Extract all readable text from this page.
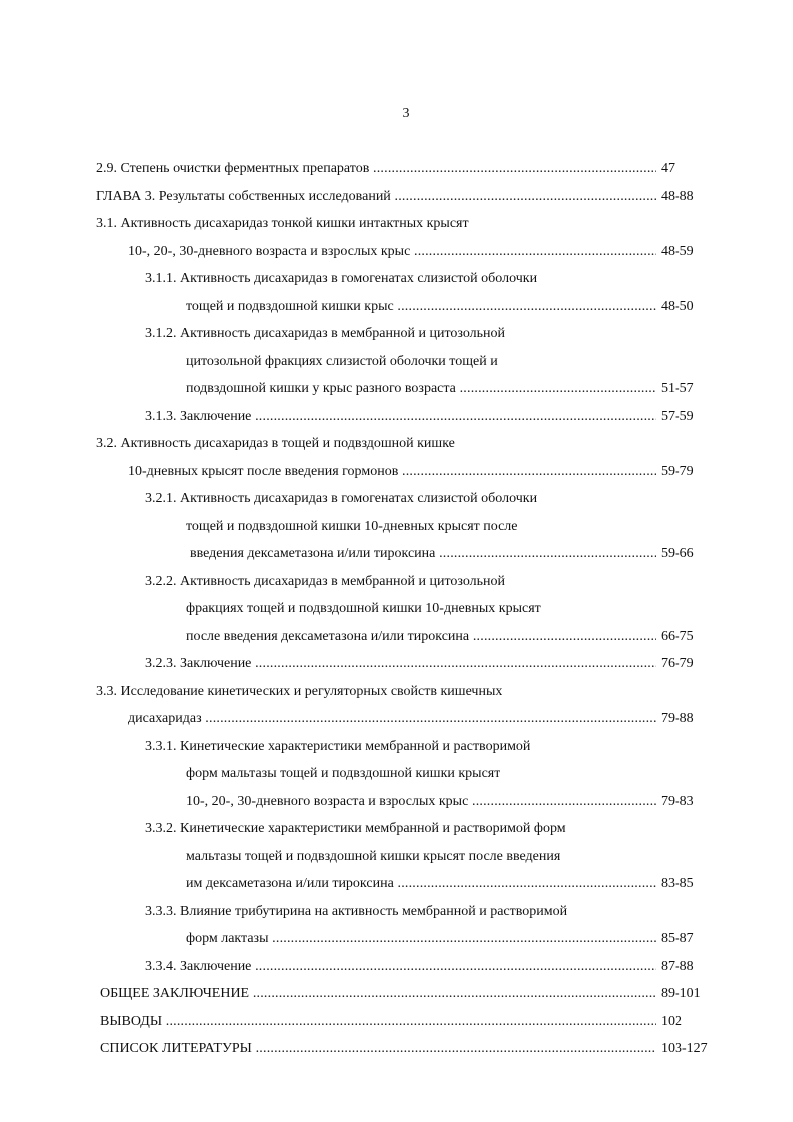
3
2.9. Степень очистки ферментных препаратов .....	47
ГЛАВА 3. Результаты собственных исследований .....	48-88
3.1. Активность дисахаридаз тонкой кишки интактных крысят
10-, 20-, 30-дневного возраста и взрослых крыс .....	48-59
3.1.1. Активность дисахаридаз в гомогенатах слизистой оболочки
тощей и подвздошной кишки крыс .....	48-50
3.1.2. Активность дисахаридаз в мембранной и цитозольной
цитозольной фракциях слизистой оболочки тощей и
подвздошной кишки у крыс разного возраста .....	51-57
3.1.3. Заключение .....	57-59
3.2. Активность дисахаридаз в тощей и подвздошной кишке
10-дневных крысят после введения гормонов .....	59-79
3.2.1. Активность дисахаридаз в гомогенатах слизистой оболочки
тощей и подвздошной кишки 10-дневных крысят после
введения дексаметазона и/или тироксина .....	59-66
3.2.2. Активность дисахаридаз в мембранной и цитозольной
фракциях тощей и подвздошной кишки 10-дневных крысят
после введения дексаметазона и/или тироксина .....	66-75
3.2.3. Заключение .....	76-79
3.3. Исследование кинетических и регуляторных свойств кишечных
дисахаридаз .....	79-88
3.3.1. Кинетические характеристики мембранной и растворимой
форм мальтазы тощей и подвздошной кишки крысят
10-, 20-, 30-дневного возраста и взрослых крыс .....	79-83
3.3.2. Кинетические характеристики мембранной и растворимой форм
мальтазы тощей и подвздошной кишки крысят после введения
им дексаметазона и/или тироксина .....	83-85
3.3.3. Влияние трибутирина на активность мембранной и растворимой
форм лактазы .....	85-87
3.3.4. Заключение .....	87-88
ОБЩЕЕ ЗАКЛЮЧЕНИЕ .....	89-101
ВЫВОДЫ .....	102
СПИСОК ЛИТЕРАТУРЫ .....	103-127
